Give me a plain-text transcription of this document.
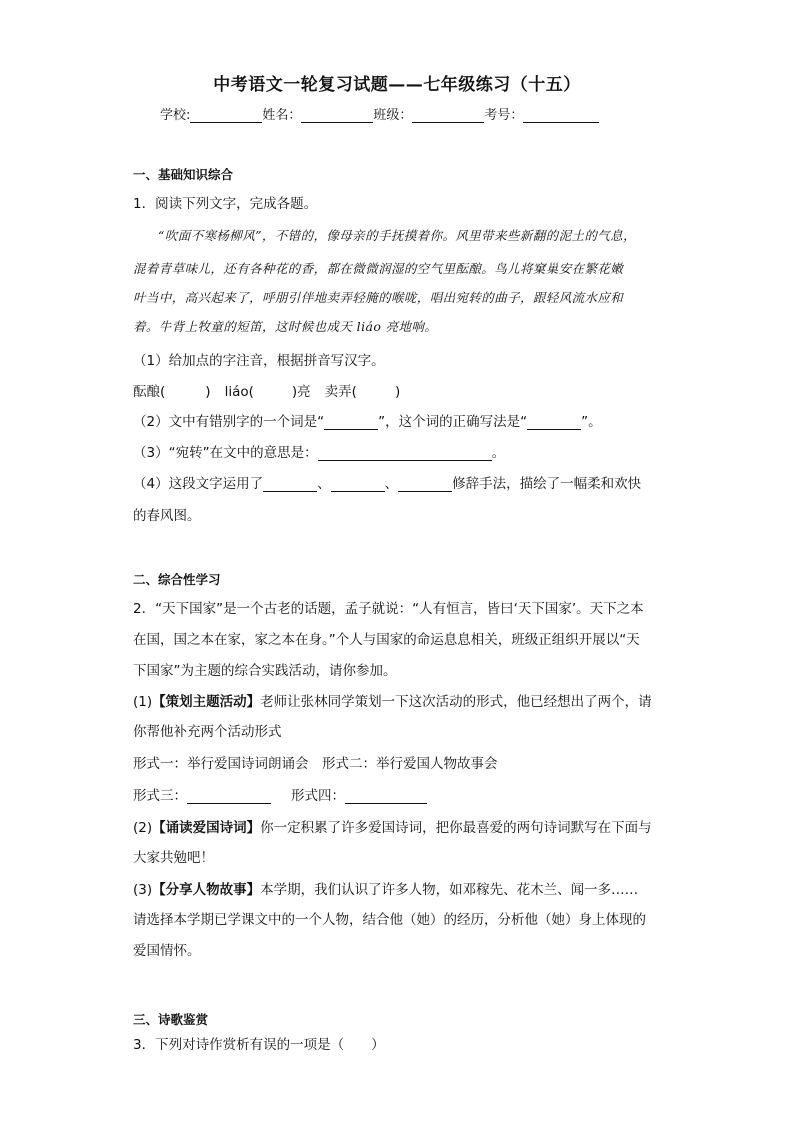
中考语文一轮复习试题——七年级练习（十五）
学校:	姓名：	班级：	考号：
一、基础知识综合
1．阅读下列文字，完成各题。
“吹面不寒杨柳风”，不错的，像母亲的手抚摸着你。风里带来些新翻的泥土的气息，
混着青草味儿，还有各种花的香，都在微微润湿的空气里酝酿。鸟儿将窠巢安在繁花嫩
叶当中，高兴起来了，呼朋引伴地卖弄轻腌的喉咙，唱出宛转的曲子，跟轻风流水应和
着。牛背上牧童的短笛，这时候也成天 liáo 亮地响。
（1）给加点的字注音，根据拼音写汉字。
酝酿(	) liáo(	)亮 卖弄(	)
（2）文中有错别字的一个词是“	”，这个词的正确写法是“	”。
（3）“宛转”在文中的意思是：	。
（4）这段文字运用了	、	、	修辞手法，描绘了一幅柔和欢快
的春风图。
二、综合性学习
2．“天下国家”是一个古老的话题，孟子就说：“人有恒言，皆曰‘天下国家’。天下之本
在国，国之本在家，家之本在身。”个人与国家的命运息息相关，班级正组织开展以“天
下国家”为主题的综合实践活动，请你参加。
(1)【策划主题活动】老师让张林同学策划一下这次活动的形式，他已经想出了两个，请
你帮他补充两个活动形式
形式一：举行爱国诗词朗诵会　形式二：举行爱国人物故事会
形式三：	形式四：
(2)【诵读爱国诗词】你一定积累了许多爱国诗词，把你最喜爱的两句诗词默写在下面与
大家共勉吧！
(3)【分享人物故事】本学期，我们认识了许多人物，如邓稼先、花木兰、闻一多……
请选择本学期已学课文中的一个人物，结合他（她）的经历，分析他（她）身上体现的
爱国情怀。
三、诗歌鉴赏
3．下列对诗作赏析有误的一项是（　　）
